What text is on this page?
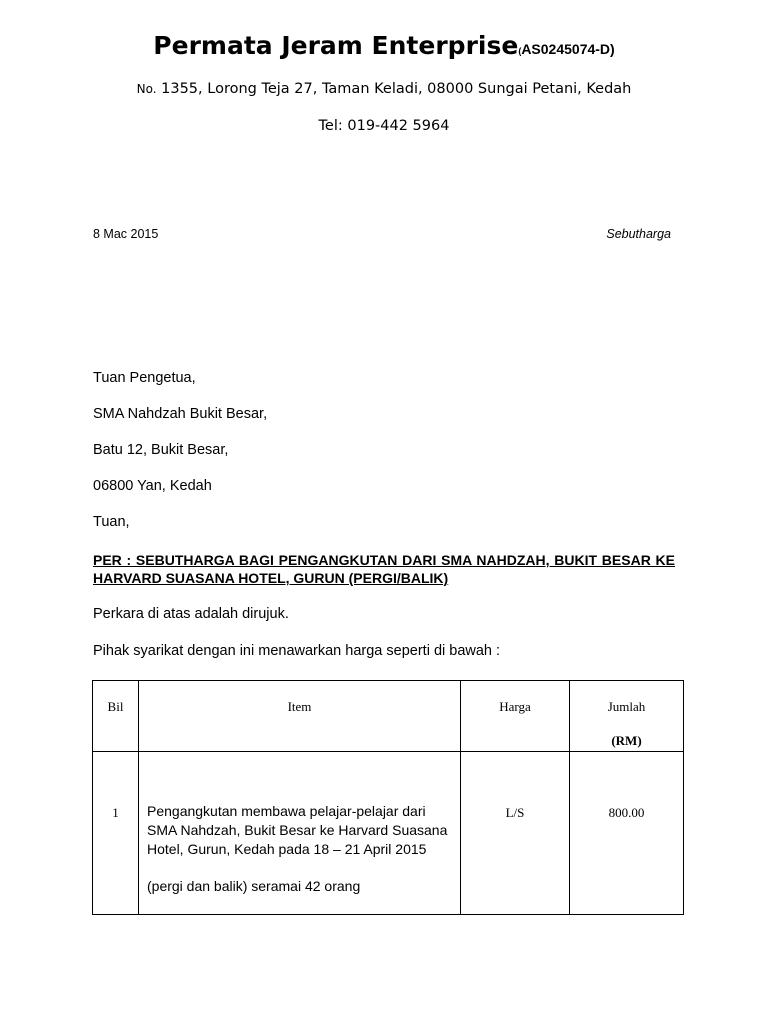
Permata Jeram Enterprise(AS0245074-D)
No. 1355, Lorong Teja 27, Taman Keladi, 08000 Sungai Petani, Kedah
Tel: 019-442 5964
8 Mac 2015	Sebutharga
Tuan Pengetua,
SMA Nahdzah Bukit Besar,
Batu 12, Bukit Besar,
06800 Yan, Kedah
Tuan,
PER : SEBUTHARGA BAGI PENGANGKUTAN DARI SMA NAHDZAH, BUKIT BESAR KE HARVARD SUASANA HOTEL, GURUN (PERGI/BALIK)
Perkara di atas adalah dirujuk.
Pihak syarikat dengan ini menawarkan harga seperti di bawah :
Bil	Item	Harga	Jumlah
(RM)

1	Pengangkutan membawa pelajar-pelajar dari SMA Nahdzah, Bukit Besar ke Harvard Suasana Hotel, Gurun, Kedah pada 18 – 21 April 2015
(pergi dan balik) seramai 42 orang	L/S	800.00
